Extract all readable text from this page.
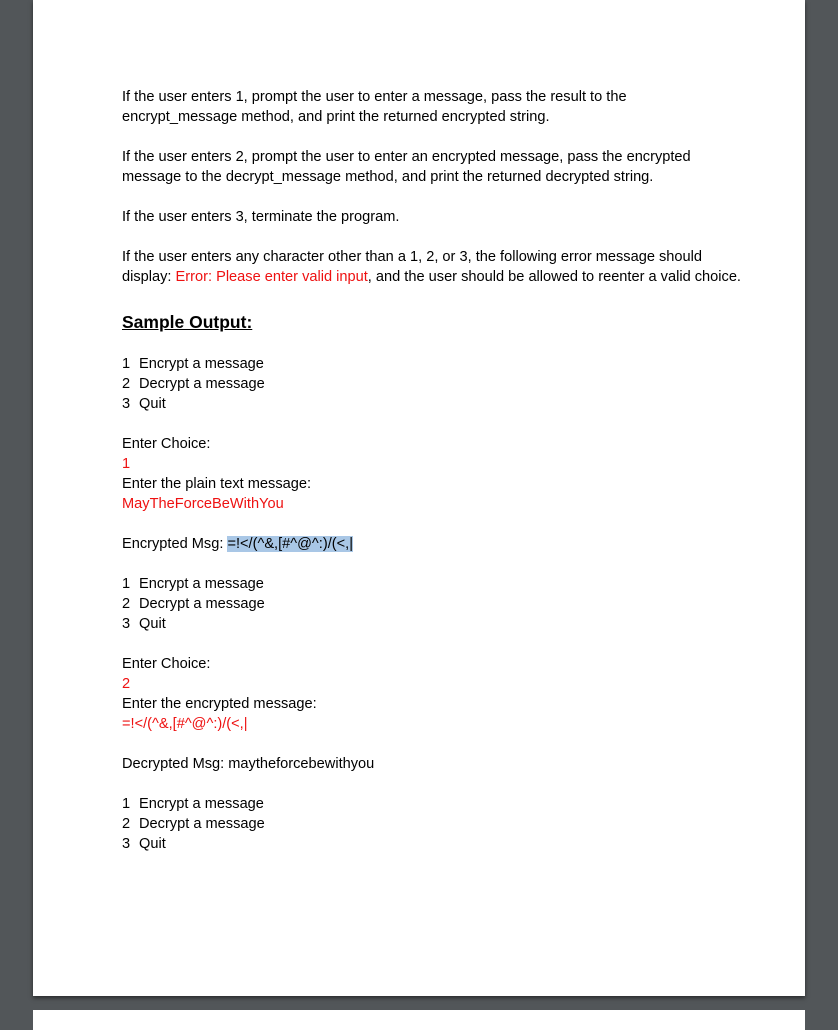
If the user enters 1, prompt the user to enter a message, pass the result to the encrypt_message method, and print the returned encrypted string.

If the user enters 2, prompt the user to enter an encrypted message, pass the encrypted message to the decrypt_message method, and print the returned decrypted string.

If the user enters 3, terminate the program.

If the user enters any character other than a 1, 2, or 3, the following error message should display: Error: Please enter valid input, and the user should be allowed to reenter a valid choice.

Sample Output:
1 Encrypt a message
2 Decrypt a message
3 Quit
Enter Choice:
1
Enter the plain text message:
MayTheForceBeWithYou
Encrypted Msg: =!</(^&,[#^@^:)/(<,|
1 Encrypt a message
2 Decrypt a message
3 Quit
Enter Choice:
2
Enter the encrypted message:
=!</(^&,[#^@^:)/(<,|
Decrypted Msg: maytheforcebewithyou
1 Encrypt a message
2 Decrypt a message
3 Quit
